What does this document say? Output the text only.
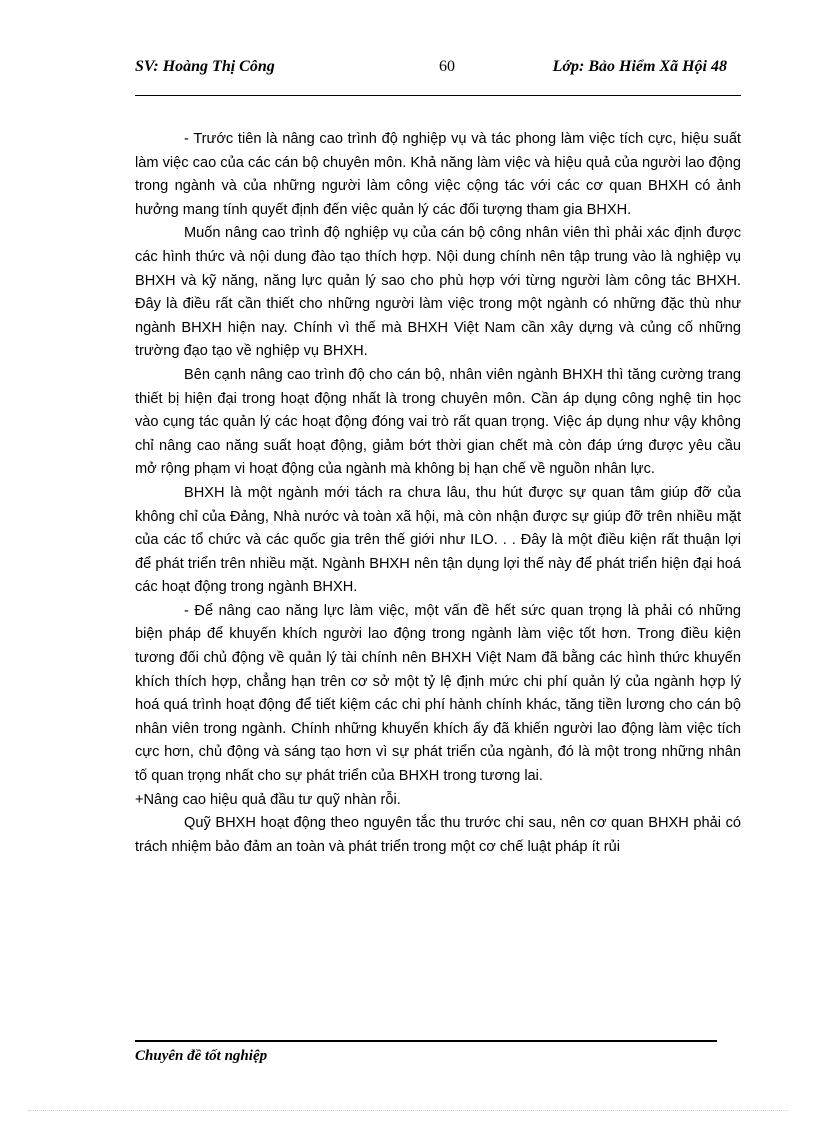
SV: Hoàng Thị Công	60	Lớp: Bảo Hiểm Xã Hội 48

- Trước tiên là nâng cao trình độ nghiệp vụ và tác phong làm việc tích cực, hiệu suất làm việc cao của các cán bộ chuyên môn. Khả năng làm việc và hiệu quả của người lao động trong ngành và của những người làm công việc cộng tác với các cơ quan BHXH có ảnh hưởng mang tính quyết định đến việc quản lý các đối tượng tham gia BHXH.

Muốn nâng cao trình độ nghiệp vụ của cán bộ công nhân viên thì phải xác định được các hình thức và nội dung đào tạo thích hợp. Nội dung chính nên tập trung vào là nghiệp vụ BHXH và kỹ năng, năng lực quản lý sao cho phù hợp với từng người làm công tác BHXH. Đây là điều rất cần thiết cho những người làm việc trong một ngành có những đặc thù như ngành BHXH hiện nay. Chính vì thế mà BHXH Việt Nam cần xây dựng và củng cố những trường đạo tạo về nghiệp vụ BHXH.

Bên cạnh nâng cao trình độ cho cán bộ, nhân viên ngành BHXH thì tăng cường trang thiết bị hiện đại trong hoạt động nhất là trong chuyên môn. Cần áp dụng công nghệ tin học vào cụng tác quản lý các hoạt động đóng vai trò rất quan trọng. Việc áp dụng như vậy không chỉ nâng cao năng suất hoạt động, giảm bớt thời gian chết mà còn đáp ứng được yêu cầu mở rộng phạm vi hoạt động của ngành mà không bị hạn chế về nguồn nhân lực.

BHXH là một ngành mới tách ra chưa lâu, thu hút được sự quan tâm giúp đỡ của không chỉ của Đảng, Nhà nước và toàn xã hội, mà còn nhận được sự giúp đỡ trên nhiều mặt của các tổ chức và các quốc gia trên thế giới như ILO. . . Đây là một điều kiện rất thuận lợi để phát triển trên nhiều mặt. Ngành BHXH nên tận dụng lợi thế này để phát triển hiện đại hoá các hoạt động trong ngành BHXH.

- Để nâng cao năng lực làm việc, một vấn đề hết sức quan trọng là phải có những biện pháp để khuyến khích người lao động trong ngành làm việc tốt hơn. Trong điều kiện tương đối chủ động về quản lý tài chính nên BHXH Việt Nam đã bằng các hình thức khuyến khích thích hợp, chẳng hạn trên cơ sở một tỷ lệ định mức chi phí quản lý của ngành hợp lý hoá quá trình hoạt động để tiết kiệm các chi phí hành chính khác, tăng tiền lương cho cán bộ nhân viên trong ngành. Chính những khuyến khích ấy đã khiến người lao động làm việc tích cực hơn, chủ động và sáng tạo hơn vì sự phát triển của ngành, đó là một trong những nhân tố quan trọng nhất cho sự phát triển của BHXH trong tương lai.

+Nâng cao hiệu quả đầu tư quỹ nhàn rỗi.

Quỹ BHXH hoạt động theo nguyên tắc thu trước chi sau, nên cơ quan BHXH phải có trách nhiệm bảo đảm an toàn và phát triển trong một cơ chế luật pháp ít rủi

Chuyên đề tốt nghiệp
